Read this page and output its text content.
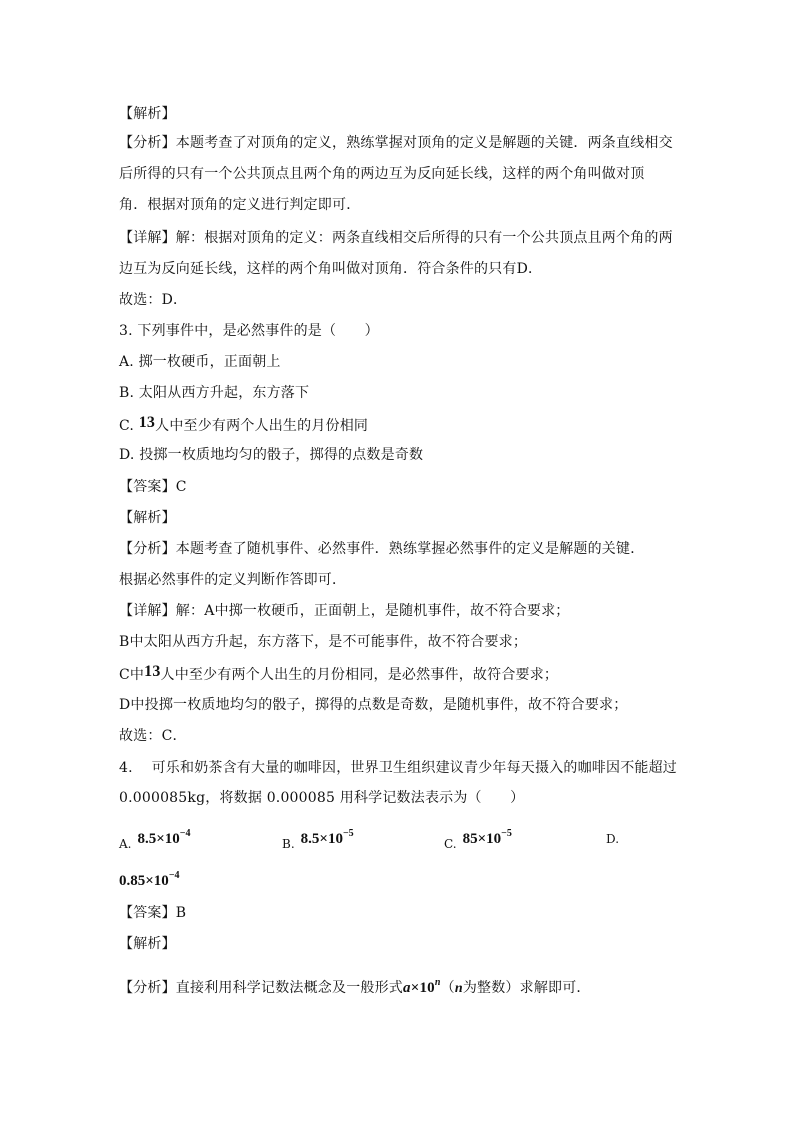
【解析】
【分析】本题考查了对顶角的定义，熟练掌握对顶角的定义是解题的关键．两条直线相交
后所得的只有一个公共顶点且两个角的两边互为反向延长线，这样的两个角叫做对顶
角．根据对顶角的定义进行判定即可．
【详解】解：根据对顶角的定义：两条直线相交后所得的只有一个公共顶点且两个角的两
边互为反向延长线，这样的两个角叫做对顶角．符合条件的只有D．
故选：D．
3. 下列事件中，是必然事件的是（　　）
A. 掷一枚硬币，正面朝上
B. 太阳从西方升起，东方落下
C. 13人中至少有两个人出生的月份相同
D. 投掷一枚质地均匀的骰子，掷得的点数是奇数
【答案】C
【解析】
【分析】本题考查了随机事件、必然事件．熟练掌握必然事件的定义是解题的关键．
根据必然事件的定义判断作答即可．
【详解】解：A中掷一枚硬币，正面朝上，是随机事件，故不符合要求；
B中太阳从西方升起，东方落下，是不可能事件，故不符合要求；
C中13人中至少有两个人出生的月份相同，是必然事件，故符合要求；
D中投掷一枚质地均匀的骰子，掷得的点数是奇数，是随机事件，故不符合要求；
故选：C．
4.　 可乐和奶茶含有大量的咖啡因，世界卫生组织建议青少年每天摄入的咖啡因不能超过
0.000085kg，将数据 0.000085 用科学记数法表示为（　　）
A. $8.5\times 10^{-4}$
B. $8.5\times 10^{-5}$
C. $85\times 10^{-5}$	D.
$0.85\times 10^{-4}$
【答案】B
【解析】
【分析】直接利用科学记数法概念及一般形式$a\times 10^n(n$为整数）求解即可．
